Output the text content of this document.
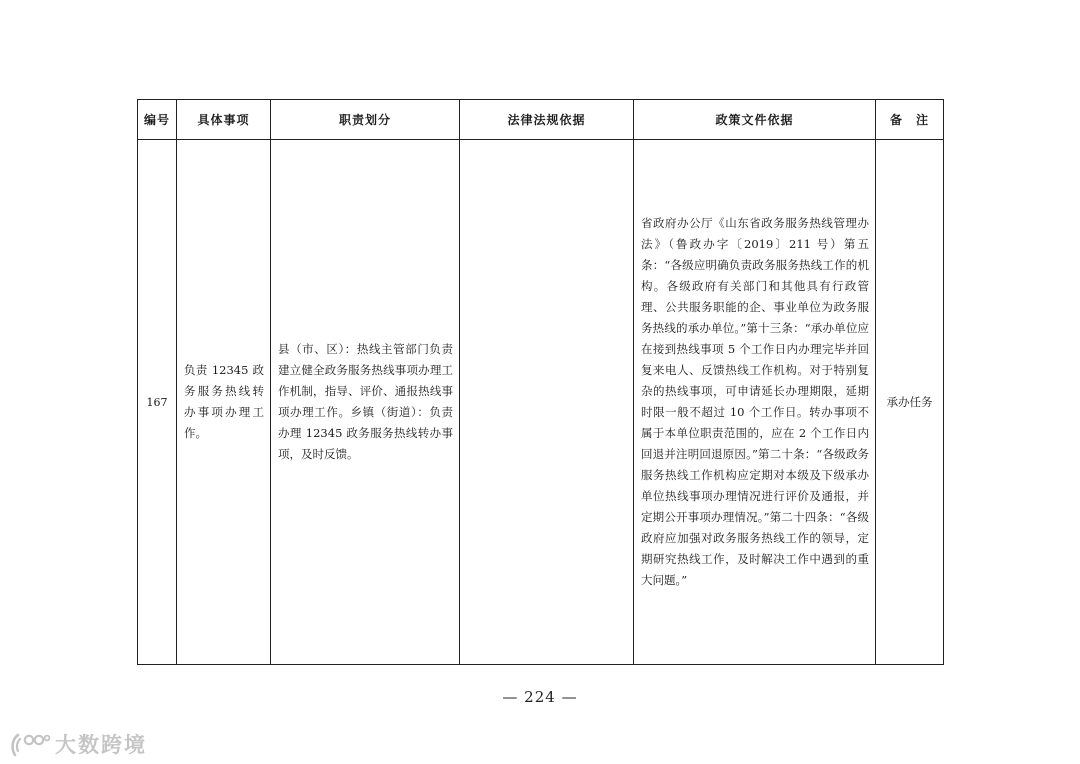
编号	具体事项	职责划分	法律法规依据	政策文件依据	备　注
167	负责 12345 政务服务热线转办事项办理工作。	县（市、区）：热线主管部门负责建立健全政务服务热线事项办理工作机制，指导、评价、通报热线事项办理工作。乡镇（街道）：负责办理 12345 政务服务热线转办事项，及时反馈。		省政府办公厅《山东省政务服务热线管理办法》（鲁政办字〔2019〕211 号）第五条：“各级应明确负责政务服务热线工作的机构。各级政府有关部门和其他具有行政管理、公共服务职能的企、事业单位为政务服务热线的承办单位。”第十三条：“承办单位应在接到热线事项 5 个工作日内办理完毕并回复来电人、反馈热线工作机构。对于特别复杂的热线事项，可申请延长办理期限，延期时限一般不超过 10 个工作日。转办事项不属于本单位职责范围的，应在 2 个工作日内回退并注明回退原因。”第二十条：“各级政务服务热线工作机构应定期对本级及下级承办单位热线事项办理情况进行评价及通报，并定期公开事项办理情况。”第二十四条：“各级政府应加强对政务服务热线工作的领导，定期研究热线工作，及时解决工作中遇到的重大问题。”	承办任务
— 224 —
大数跨境
